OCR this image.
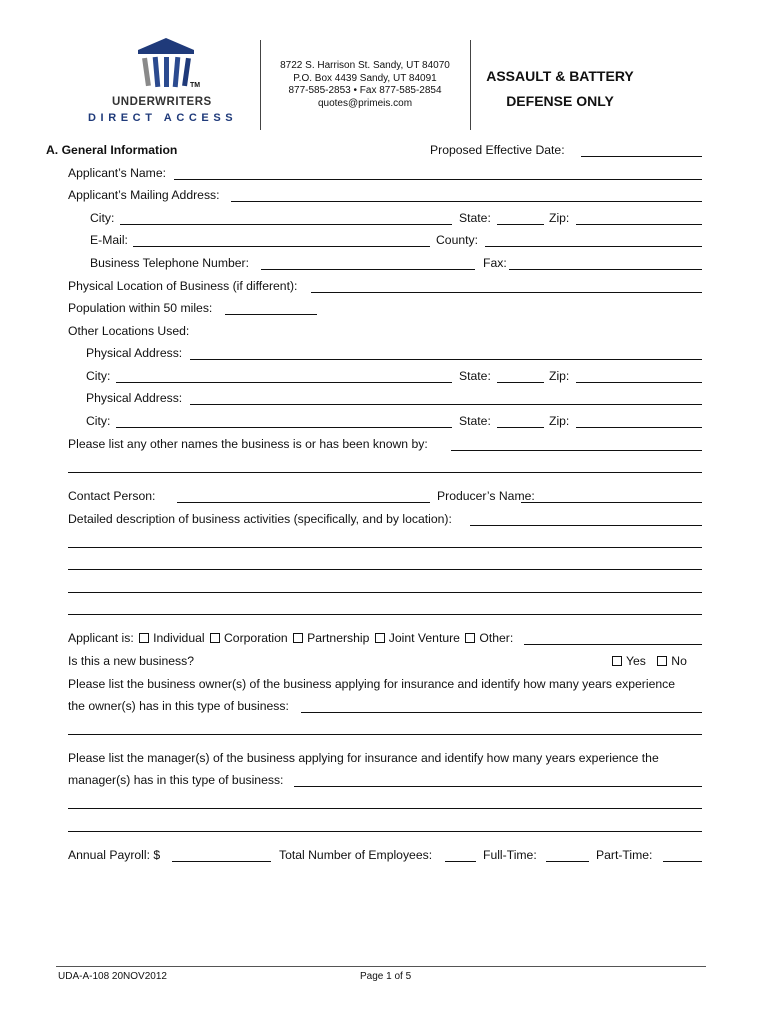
TM
UNDERWRITERS
DIRECT ACCESS
8722 S. Harrison St. Sandy, UT 84070
P.O. Box 4439 Sandy, UT 84091
877-585-2853 • Fax 877-585-2854
quotes@primeis.com
ASSAULT & BATTERY
DEFENSE ONLY
A. General Information	Proposed Effective Date:
Applicant’s Name:
Applicant’s Mailing Address:
City:	State:	Zip:
E-Mail:	County:
Business Telephone Number:	Fax:
Physical Location of Business (if different):
Population within 50 miles:
Other Locations Used:
Physical Address:
City:	State:	Zip:
Physical Address:
City:	State:	Zip:
Please list any other names the business is or has been known by:
Contact Person:	Producer’s Name:
Detailed description of business activities (specifically, and by location):
Applicant is: Individual Corporation Partnership Joint Venture Other:
Is this a new business?	Yes No
Please list the business owner(s) of the business applying for insurance and identify how many years experience
the owner(s) has in this type of business:
Please list the manager(s) of the business applying for insurance and identify how many years experience the
manager(s) has in this type of business:
Annual Payroll: $	Total Number of Employees:	Full-Time:	Part-Time:
UDA-A-108 20NOV2012	Page 1 of 5
